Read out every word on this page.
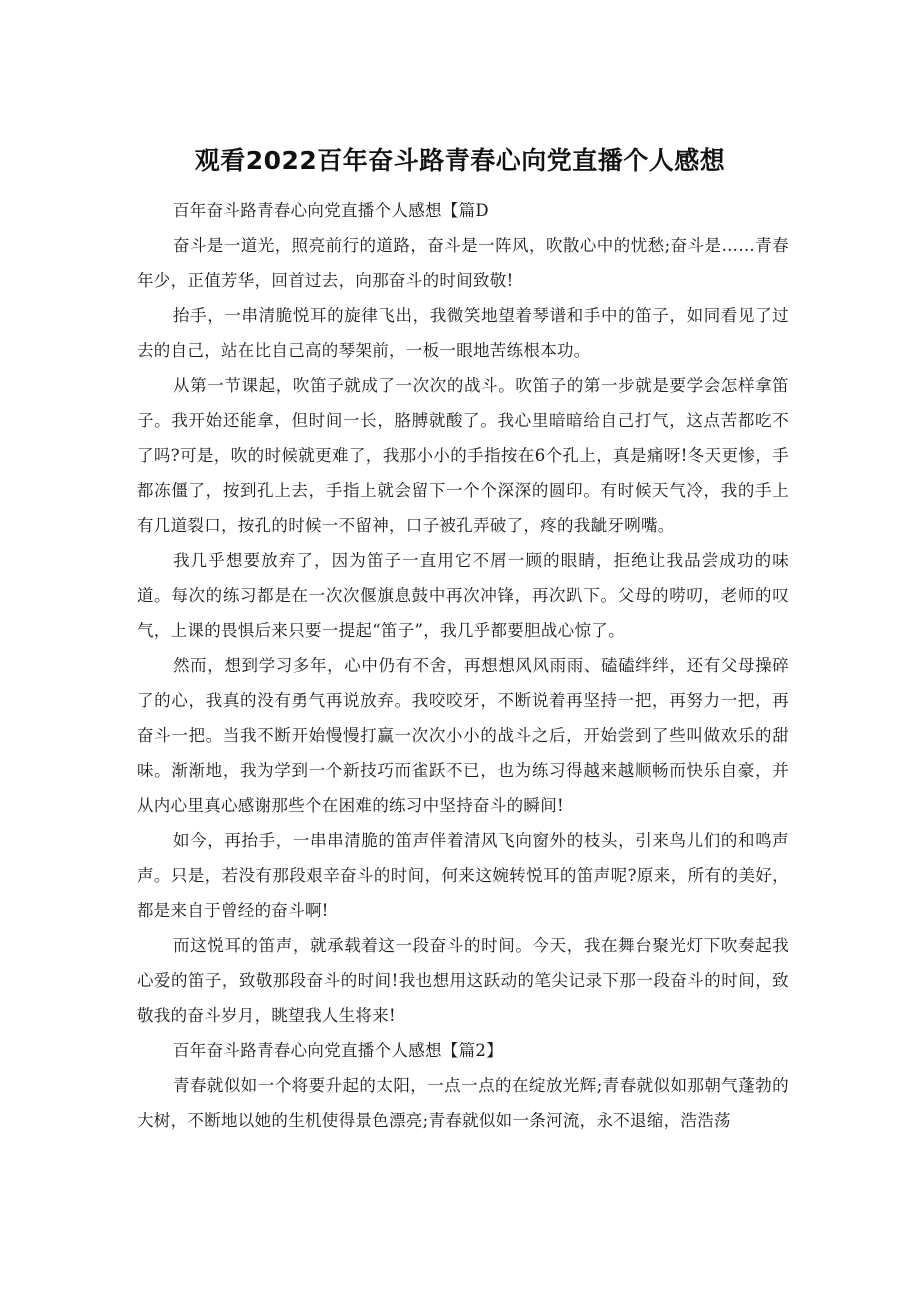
观看2022百年奋斗路青春心向党直播个人感想

百年奋斗路青春心向党直播个人感想【篇D

奋斗是一道光，照亮前行的道路，奋斗是一阵风，吹散心中的忧愁;奋斗是……青春年少，正值芳华，回首过去，向那奋斗的时间致敬!

抬手，一串清脆悦耳的旋律飞出，我微笑地望着琴谱和手中的笛子，如同看见了过去的自己，站在比自己高的琴架前，一板一眼地苦练根本功。

从第一节课起，吹笛子就成了一次次的战斗。吹笛子的第一步就是要学会怎样拿笛子。我开始还能拿，但时间一长，胳膊就酸了。我心里暗暗给自己打气，这点苦都吃不了吗?可是，吹的时候就更难了，我那小小的手指按在6个孔上，真是痛呀!冬天更惨，手都冻僵了，按到孔上去，手指上就会留下一个个深深的圆印。有时候天气冷，我的手上有几道裂口，按孔的时候一不留神，口子被孔弄破了，疼的我龇牙咧嘴。

我几乎想要放弃了，因为笛子一直用它不屑一顾的眼睛，拒绝让我品尝成功的味道。每次的练习都是在一次次偃旗息鼓中再次冲锋，再次趴下。父母的唠叨，老师的叹气，上课的畏惧后来只要一提起“笛子”，我几乎都要胆战心惊了。

然而，想到学习多年，心中仍有不舍，再想想风风雨雨、磕磕绊绊，还有父母操碎了的心，我真的没有勇气再说放弃。我咬咬牙，不断说着再坚持一把，再努力一把，再奋斗一把。当我不断开始慢慢打赢一次次小小的战斗之后，开始尝到了些叫做欢乐的甜味。渐渐地，我为学到一个新技巧而雀跃不已，也为练习得越来越顺畅而快乐自豪，并从内心里真心感谢那些个在困难的练习中坚持奋斗的瞬间!

如今，再抬手，一串串清脆的笛声伴着清风飞向窗外的枝头，引来鸟儿们的和鸣声声。只是，若没有那段艰辛奋斗的时间，何来这婉转悦耳的笛声呢?原来，所有的美好，都是来自于曾经的奋斗啊!

而这悦耳的笛声，就承载着这一段奋斗的时间。今天，我在舞台聚光灯下吹奏起我心爱的笛子，致敬那段奋斗的时间!我也想用这跃动的笔尖记录下那一段奋斗的时间，致敬我的奋斗岁月，眺望我人生将来!

百年奋斗路青春心向党直播个人感想【篇2】

青春就似如一个将要升起的太阳，一点一点的在绽放光辉;青春就似如那朝气蓬勃的大树，不断地以她的生机使得景色漂亮;青春就似如一条河流，永不退缩，浩浩荡
